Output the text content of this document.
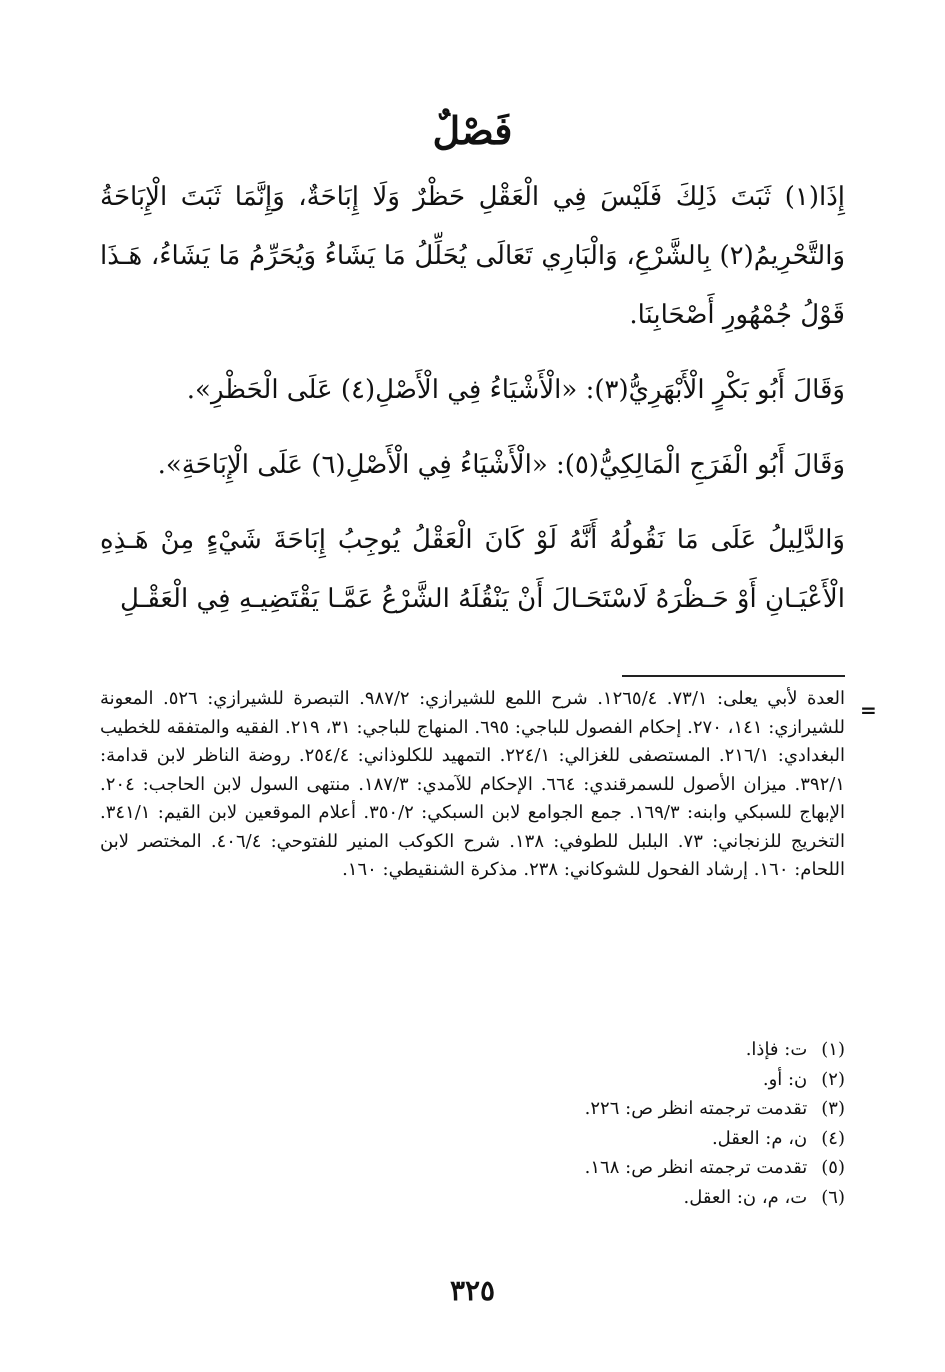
فَصْلٌ

إِذَا(١) ثَبَتَ ذَلِكَ فَلَيْسَ فِي الْعَقْلِ حَظْرٌ وَلَا إِبَاحَةٌ، وَإِنَّمَا ثَبَتَ الْإِبَاحَةُ وَالتَّحْرِيمُ(٢) بِالشَّرْعِ، وَالْبَارِي تَعَالَى يُحَلِّلُ مَا يَشَاءُ وَيُحَرِّمُ مَا يَشَاءُ، هَـذَا قَوْلُ جُمْهُورِ أَصْحَابِنَا.

وَقَالَ أَبُو بَكْرٍ الْأَبْهَرِيُّ(٣): «الْأَشْيَاءُ فِي الْأَصْلِ(٤) عَلَى الْحَظْرِ».

وَقَالَ أَبُو الْفَرَجِ الْمَالِكِيُّ(٥): «الْأَشْيَاءُ فِي الْأَصْلِ(٦) عَلَى الْإِبَاحَةِ».

وَالدَّلِيلُ عَلَى مَا نَقُولُهُ أَنَّهُ لَوْ كَانَ الْعَقْلُ يُوجِبُ إِبَاحَةَ شَيْءٍ مِنْ هَـذِهِ الْأَعْيَـانِ أَوْ حَـظْرَهُ لَاسْتَحَـالَ أَنْ يَنْقُلَهُ الشَّرْعُ عَمَّـا يَقْتَضِيـهِ فِي الْعَقْـلِ

=
العدة لأبي يعلى: ٧٣/١. ١٢٦٥/٤. شرح اللمع للشيرازي: ٩٨٧/٢. التبصرة للشيرازي: ٥٢٦. المعونة للشيرازي: ١٤١، ٢٧٠. إحكام الفصول للباجي: ٦٩٥. المنهاج للباجي: ٣١، ٢١٩. الفقيه والمتفقه للخطيب البغدادي: ٢١٦/١. المستصفى للغزالي: ٢٢٤/١. التمهيد للكلوذاني: ٢٥٤/٤. روضة الناظر لابن قدامة: ٣٩٢/١. ميزان الأصول للسمرقندي: ٦٦٤. الإحكام للآمدي: ١٨٧/٣. منتهى السول لابن الحاجب: ٢٠٤. الإبهاج للسبكي وابنه: ١٦٩/٣. جمع الجوامع لابن السبكي: ٣٥٠/٢. أعلام الموقعين لابن القيم: ٣٤١/١. التخريج للزنجاني: ٧٣. البلبل للطوفي: ١٣٨. شرح الكوكب المنير للفتوحي: ٤٠٦/٤. المختصر لابن اللحام: ١٦٠. إرشاد الفحول للشوكاني: ٢٣٨. مذكرة الشنقيطي: ١٦٠.
(١)
ت: فإذا.
(٢)
ن: أو.
(٣)
تقدمت ترجمته انظر ص: ٢٢٦.
(٤)
ن، م: العقل.
(٥)
تقدمت ترجمته انظر ص: ١٦٨.
(٦)
ت، م، ن: العقل.
٣٢٥
